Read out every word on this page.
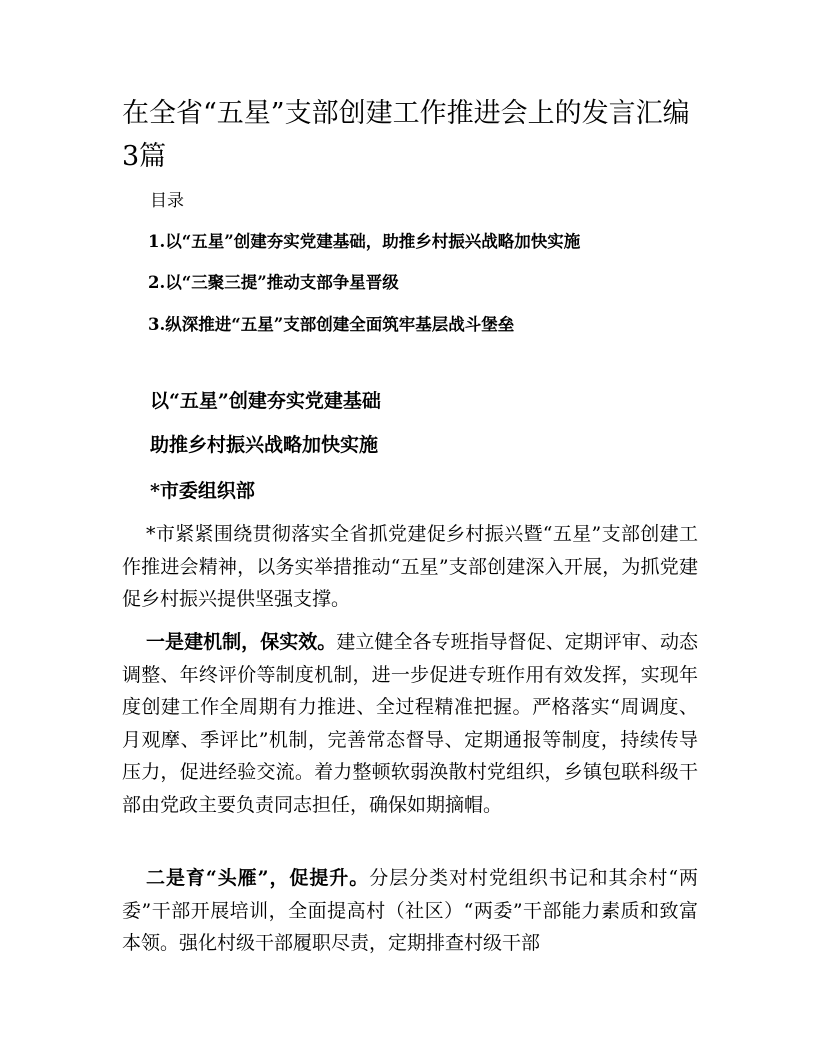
在全省“五星”支部创建工作推进会上的发言汇编3篇
目录
1.以“五星”创建夯实党建基础，助推乡村振兴战略加快实施
2.以“三聚三提”推动支部争星晋级
3.纵深推进“五星”支部创建全面筑牢基层战斗堡垒
以“五星”创建夯实党建基础
助推乡村振兴战略加快实施
*市委组织部

*市紧紧围绕贯彻落实全省抓党建促乡村振兴暨“五星”支部创建工作推进会精神，以务实举措推动“五星”支部创建深入开展，为抓党建促乡村振兴提供坚强支撑。

一是建机制，保实效。建立健全各专班指导督促、定期评审、动态调整、年终评价等制度机制，进一步促进专班作用有效发挥，实现年度创建工作全周期有力推进、全过程精准把握。严格落实“周调度、月观摩、季评比”机制，完善常态督导、定期通报等制度，持续传导压力，促进经验交流。着力整顿软弱涣散村党组织，乡镇包联科级干部由党政主要负责同志担任，确保如期摘帽。

二是育“头雁”，促提升。分层分类对村党组织书记和其余村“两委”干部开展培训，全面提高村（社区）“两委”干部能力素质和致富本领。强化村级干部履职尽责，定期排查村级干部
